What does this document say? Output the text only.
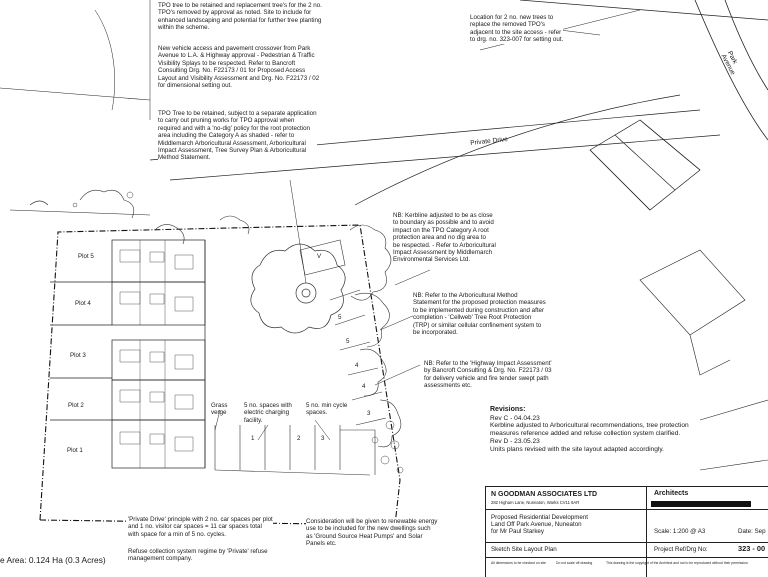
Private Drive
Park Avenue
Plot 5
Plot 4
Plot 3
Plot 2
Plot 1
1	2	3
V
5
5
4
4
3
TPO tree to be retained and replacement tree's for the 2 no.
TPO's removed by approval as noted. Site to include for
enhanced landscaping and potential for further tree planting
within the scheme.
New vehicle access and pavement crossover from Park
Avenue to L.A. & Highway approval - Pedestrian & Traffic
Visibility Splays to be respected. Refer to Bancroft
Consulting Drg. No. F22173 / 01 for Proposed Access
Layout and Visibility Assessment and Drg. No. F22173 / 02
for dimensional setting out.
TPO Tree to be retained, subject to a separate application
to carry out pruning works for TPO approval when
required and with a 'no-dig' policy for the root protection
area including the Category A as shaded - refer to
Middlemarch Arboricultural Assessment, Arboricultural
Impact Assessment, Tree Survey Plan & Arboricultural
Method Statement.
Location for 2 no. new trees to
replace the removed TPO's
adjacent to the site access - refer
to drg. no. 323-007 for setting out.
NB: Kerbline adjusted to be as close
to boundary as possible and to avoid
impact on the TPO Category A root
protection area and no dig area to
be respected. - Refer to Arboricultural
Impact Assessment by Middlemarch
Environmental Services Ltd.
NB: Refer to the Arboricultural Method
Statement for the proposed protection measures
to be implemented during construction and after
completion - 'Cellweb' Tree Root Protection
(TRP) or similar cellular confinement system to
be incorporated.
NB: Refer to the 'Highway Impact Assessment'
by Bancroft Consulting & Drg. No. F22173 / 03
for delivery vehicle and fire tender swept path
assessments etc.
Grass
verge
5 no. spaces with
electric charging
facility.
5 no. min cycle
spaces.
'Private Drive' principle with 2 no. car spaces per plot
and 1 no. visitor car spaces = 11 car spaces total
with space for a min of 5 no. cycles.
Refuse collection system regime by 'Private' refuse
management company.
Consideration will be given to renewable energy
use to be included for the new dwellings such
as 'Ground Source Heat Pumps' and Solar
Panels etc.
e Area: 0.124 Ha (0.3 Acres)
Revisions:
Rev C - 04.04.23
Kerbline adjusted to Arboricultural recommendations, tree protection
measures reference added and refuse collection system clarified.
Rev D - 23.05.23
Units plans revised with the site layout adapted accordingly.
N GOODMAN ASSOCIATES LTD
282 Higham Lane, Nuneaton, Warks CV11 6AR
Architects
Proposed Residential Development
Land Off Park Avenue, Nuneaton
for Mr Paul Starkey	Scale: 1:200 @ A3	Date: Sep
Sketch Site Layout Plan	Project Ref/Drg No:	323 - 00
All dimensions to be checked on site	Do not scale off drawing	This drawing is the copyright of the Architect and not to be reproduced without their permission
